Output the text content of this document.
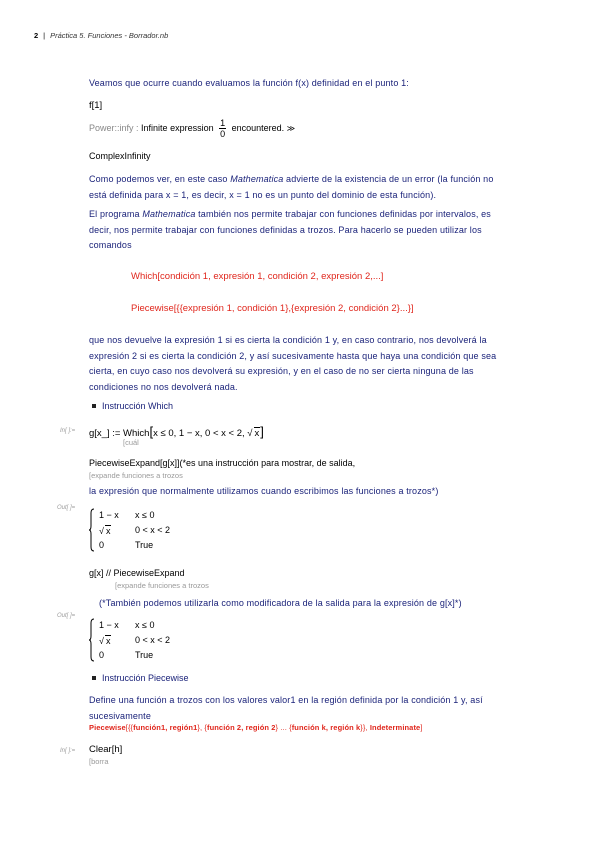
2 | Práctica 5. Funciones - Borrador.nb
Veamos que ocurre cuando evaluamos la función f(x) definidad en el punto 1:
f[1]
Power::infy : Infinite expression $\frac{1}{0}$ encountered. ≫
ComplexInfinity
Como podemos ver, en este caso Mathematica advierte de la existencia de un error (la función no
está definida para x = 1, es decir, x = 1 no es un punto del dominio de esta función).
El programa Mathematica también nos permite trabajar con funciones definidas por intervalos, es
decir, nos permite trabajar con funciones definidas a trozos. Para hacerlo se pueden utilizar los
comandos
Which[condición 1, expresión 1, condición 2, expresión 2,...]
Piecewise[{{expresión 1, condición 1},{expresión 2, condición 2}...}]
que nos devuelve la expresión 1 si es cierta la condición 1 y, en caso contrario, nos devolverá la
expresión 2 si es cierta la condición 2, y así sucesivamente hasta que haya una condición que sea
cierta, en cuyo caso nos devolverá su expresión, y en el caso de no ser cierta ninguna de las
condiciones no nos devolverá nada.
Instrucción Which
In[ ]:= g[x_] := Which[x ≤ 0, 1 − x, 0 < x < 2, √ x]
[cuál
PiecewiseExpand[g[x]](*es una instrucción para mostrar, de salida,
[expande funciones a trozos
la expresión que normalmente utilizamos cuando escribimos las funciones a trozos*)
Out[ ]=
1 − x x ≤ 0
√ x	0 < x < 2
0	True
g[x] // PiecewiseExpand
[expande funciones a trozos
(*También podemos utilizarla como modificadora de la salida para la expresión de g[x]*)
Out[ ]=
1 − x x ≤ 0
√ x	0 < x < 2
0	True
Instrucción Piecewise
Define una función a trozos con los valores valor1 en la región definida por la condición 1 y, así
sucesivamente
Piecewise[{{función1, región1}, {función 2, región 2} ... {función k, región k}}, Indeterminate]
In[ ]:= Clear[h]
[borra
